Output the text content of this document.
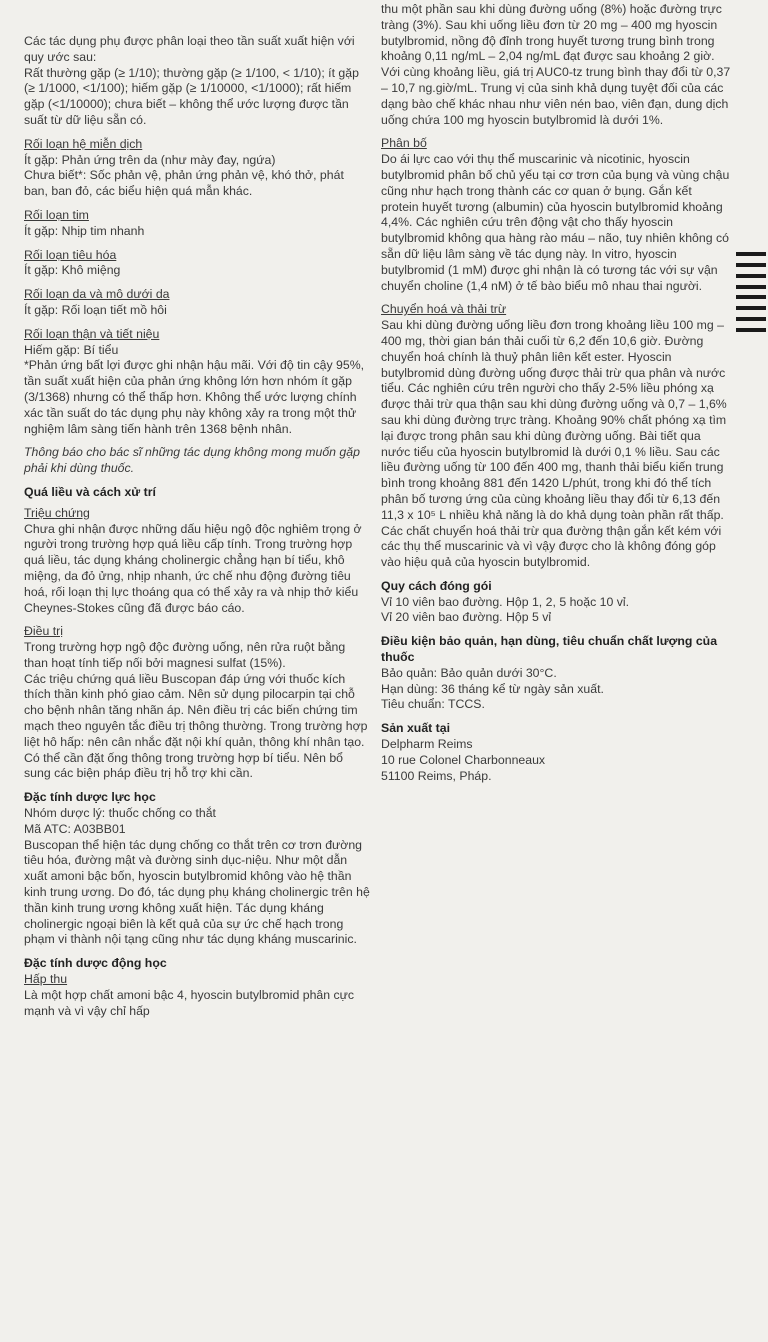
Các tác dụng phụ được phân loại theo tần suất xuất hiện với quy ước sau:

Rất thường gặp (≥ 1/10); thường gặp (≥ 1/100, < 1/10); ít gặp (≥ 1/1000, <1/100); hiếm gặp (≥ 1/10000, <1/1000); rất hiếm gặp (<1/10000); chưa biết – không thể ước lượng được tần suất từ dữ liệu sẵn có.

Rối loạn hệ miễn dịch

Ít gặp: Phản ứng trên da (như mày đay, ngứa)

Chưa biết*: Sốc phản vệ, phản ứng phản vệ, khó thở, phát ban, ban đỏ, các biểu hiện quá mẫn khác.

Rối loạn tim

Ít gặp: Nhịp tim nhanh

Rối loạn tiêu hóa

Ít gặp: Khô miệng

Rối loạn da và mô dưới da

Ít gặp: Rối loạn tiết mồ hôi

Rối loạn thận và tiết niệu

Hiếm gặp: Bí tiểu

*Phản ứng bất lợi được ghi nhận hậu mãi. Với độ tin cậy 95%, tần suất xuất hiện của phản ứng không lớn hơn nhóm ít gặp (3/1368) nhưng có thể thấp hơn. Không thể ước lượng chính xác tần suất do tác dụng phụ này không xảy ra trong một thử nghiệm lâm sàng tiến hành trên 1368 bệnh nhân.

Thông báo cho bác sĩ những tác dụng không mong muốn gặp phải khi dùng thuốc.

Quá liều và cách xử trí

Triệu chứng

Chưa ghi nhận được những dấu hiệu ngộ độc nghiêm trọng ở người trong trường hợp quá liều cấp tính. Trong trường hợp quá liều, tác dụng kháng cholinergic chẳng hạn bí tiểu, khô miệng, da đỏ ửng, nhịp nhanh, ức chế nhu động đường tiêu hoá, rối loạn thị lực thoáng qua có thể xảy ra và nhịp thở kiểu Cheynes-Stokes cũng đã được báo cáo.

Điều trị

Trong trường hợp ngộ độc đường uống, nên rửa ruột bằng than hoạt tính tiếp nối bởi magnesi sulfat (15%).

Các triệu chứng quá liều Buscopan đáp ứng với thuốc kích thích thần kinh phó giao cảm. Nên sử dụng pilocarpin tại chỗ cho bệnh nhân tăng nhãn áp. Nên điều trị các biến chứng tim mạch theo nguyên tắc điều trị thông thường. Trong trường hợp liệt hô hấp: nên cân nhắc đặt nội khí quản, thông khí nhân tạo. Có thể cần đặt ống thông trong trường hợp bí tiểu. Nên bổ sung các biện pháp điều trị hỗ trợ khi cần.

Đặc tính dược lực học

Nhóm dược lý: thuốc chống co thắt

Mã ATC: A03BB01

Buscopan thể hiện tác dụng chống co thắt trên cơ trơn đường tiêu hóa, đường mật và đường sinh dục-niệu. Như một dẫn xuất amoni bậc bốn, hyoscin butylbromid không vào hệ thần kinh trung ương. Do đó, tác dụng phụ kháng cholinergic trên hệ thần kinh trung ương không xuất hiện. Tác dụng kháng cholinergic ngoại biên là kết quả của sự ức chế hạch trong phạm vi thành nội tạng cũng như tác dụng kháng muscarinic.

Đặc tính dược động học

Hấp thu

Là một hợp chất amoni bậc 4, hyoscin butylbromid phân cực mạnh và vì vậy chỉ hấp

thu một phần sau khi dùng đường uống (8%) hoặc đường trực tràng (3%). Sau khi uống liều đơn từ 20 mg – 400 mg hyoscin butylbromid, nồng độ đỉnh trong huyết tương trung bình trong khoảng 0,11 ng/mL – 2,04 ng/mL đạt được sau khoảng 2 giờ. Với cùng khoảng liều, giá trị AUC0-tz trung bình thay đổi từ 0,37 – 10,7 ng.giờ/mL. Trung vị của sinh khả dụng tuyệt đối của các dạng bào chế khác nhau như viên nén bao, viên đạn, dung dịch uống chứa 100 mg hyoscin butylbromid là dưới 1%.

Phân bố

Do ái lực cao với thụ thể muscarinic và nicotinic, hyoscin butylbromid phân bố chủ yếu tại cơ trơn của bụng và vùng chậu cũng như hạch trong thành các cơ quan ở bụng. Gắn kết protein huyết tương (albumin) của hyoscin butylbromid khoảng 4,4%. Các nghiên cứu trên động vật cho thấy hyoscin butylbromid không qua hàng rào máu – não, tuy nhiên không có sẵn dữ liệu lâm sàng về tác dụng này. In vitro, hyoscin butylbromid (1 mM) được ghi nhận là có tương tác với sự vận chuyển choline (1,4 nM) ở tế bào biểu mô nhau thai người.

Chuyển hoá và thải trừ

Sau khi dùng đường uống liều đơn trong khoảng liều 100 mg – 400 mg, thời gian bán thải cuối từ 6,2 đến 10,6 giờ. Đường chuyển hoá chính là thuỷ phân liên kết ester. Hyoscin butylbromid dùng đường uống được thải trừ qua phân và nước tiểu. Các nghiên cứu trên người cho thấy 2-5% liều phóng xạ được thải trừ qua thận sau khi dùng đường uống và 0,7 – 1,6% sau khi dùng đường trực tràng. Khoảng 90% chất phóng xạ tìm lại được trong phân sau khi dùng đường uống. Bài tiết qua nước tiểu của hyoscin butylbromid là dưới 0,1 % liều. Sau các liều đường uống từ 100 đến 400 mg, thanh thải biểu kiến trung bình trong khoảng 881 đến 1420 L/phút, trong khi đó thể tích phân bố tương ứng của cùng khoảng liều thay đổi từ 6,13 đến 11,3 x 10⁵ L nhiều khả năng là do khả dụng toàn phần rất thấp.

Các chất chuyển hoá thải trừ qua đường thận gắn kết kém với các thụ thể muscarinic và vì vậy được cho là không đóng góp vào hiệu quả của hyoscin butylbromid.

Quy cách đóng gói

Vỉ 10 viên bao đường. Hộp 1, 2, 5 hoặc 10 vỉ.

Vỉ 20 viên bao đường. Hộp 5 vỉ

Điều kiện bảo quản, hạn dùng, tiêu chuẩn chất lượng của thuốc

Bảo quản: Bảo quản dưới 30°C.

Hạn dùng: 36 tháng kể từ ngày sản xuất.

Tiêu chuẩn: TCCS.

Sản xuất tại

Delpharm Reims

10 rue Colonel Charbonneaux

51100 Reims, Pháp.
